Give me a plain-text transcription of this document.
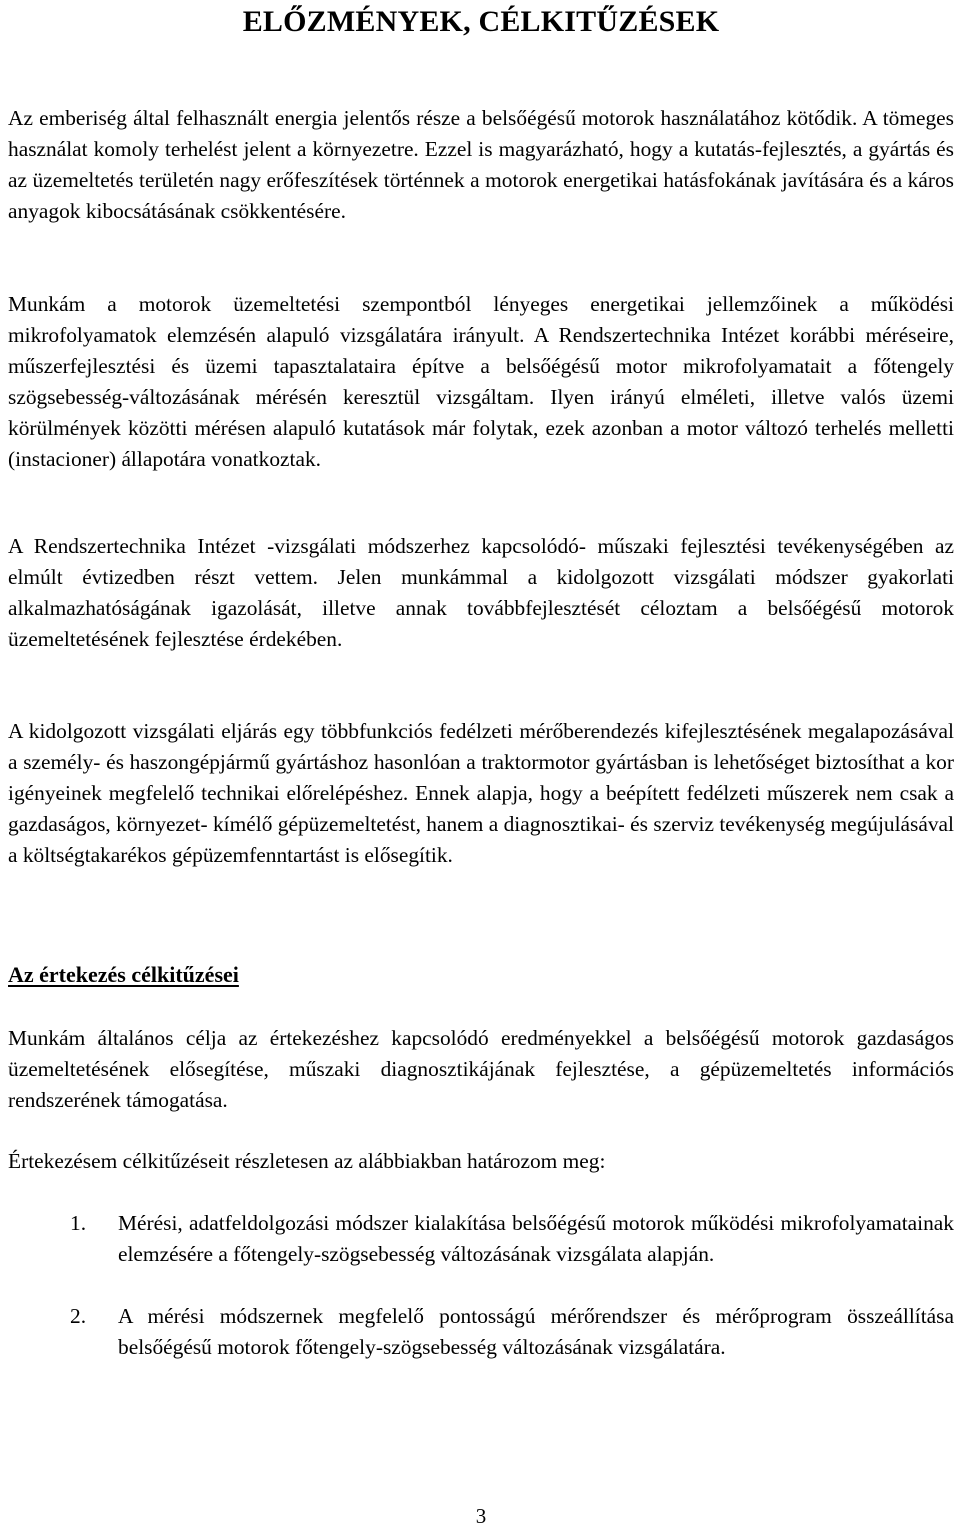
ELŐZMÉNYEK, CÉLKITŰZÉSEK

Az emberiség által felhasznált energia jelentős része a belsőégésű motorok használatához kötődik. A tömeges használat komoly terhelést jelent a környezetre. Ezzel is magyarázható, hogy a kutatás-fejlesztés, a gyártás és az üzemeltetés területén nagy erőfeszítések történnek a motorok energetikai hatásfokának javítására és a káros anyagok kibocsátásának csökkentésére.

Munkám a motorok üzemeltetési szempontból lényeges energetikai jellemzőinek a működési mikrofolyamatok elemzésén alapuló vizsgálatára irányult. A Rendszertechnika Intézet korábbi méréseire, műszerfejlesztési és üzemi tapasztalataira építve a belsőégésű motor mikrofolyamatait a főtengely szögsebesség-változásának mérésén keresztül vizsgáltam. Ilyen irányú elméleti, illetve valós üzemi körülmények közötti mérésen alapuló kutatások már folytak, ezek azonban a motor változó terhelés melletti (instacioner) állapotára vonatkoztak.

A Rendszertechnika Intézet -vizsgálati módszerhez kapcsolódó- műszaki fejlesztési tevékenységében az elmúlt évtizedben részt vettem. Jelen munkámmal a kidolgozott vizsgálati módszer gyakorlati alkalmazhatóságának igazolását, illetve annak továbbfejlesztését céloztam a belsőégésű motorok üzemeltetésének fejlesztése érdekében.

A kidolgozott vizsgálati eljárás egy többfunkciós fedélzeti mérőberendezés kifejlesztésének megalapozásával a személy- és haszongépjármű gyártáshoz hasonlóan a traktormotor gyártásban is lehetőséget biztosíthat a kor igényeinek megfelelő technikai előrelépéshez. Ennek alapja, hogy a beépített fedélzeti műszerek nem csak a gazdaságos, környezet- kímélő gépüzemeltetést, hanem a diagnosztikai- és szerviz tevékenység megújulásával a költségtakarékos gépüzemfenntartást is elősegítik.

Az értekezés célkitűzései

Munkám általános célja az értekezéshez kapcsolódó eredményekkel a belsőégésű motorok gazdaságos üzemeltetésének elősegítése, műszaki diagnosztikájának fejlesztése, a gépüzemeltetés információs rendszerének támogatása.

Értekezésem célkitűzéseit részletesen az alábbiakban határozom meg:

1. Mérési, adatfeldolgozási módszer kialakítása belsőégésű motorok működési mikrofolyamatainak elemzésére a főtengely-szögsebesség változásának vizsgálata alapján.
2. A mérési módszernek megfelelő pontosságú mérőrendszer és mérőprogram összeállítása belsőégésű motorok főtengely-szögsebesség változásának vizsgálatára.
3
